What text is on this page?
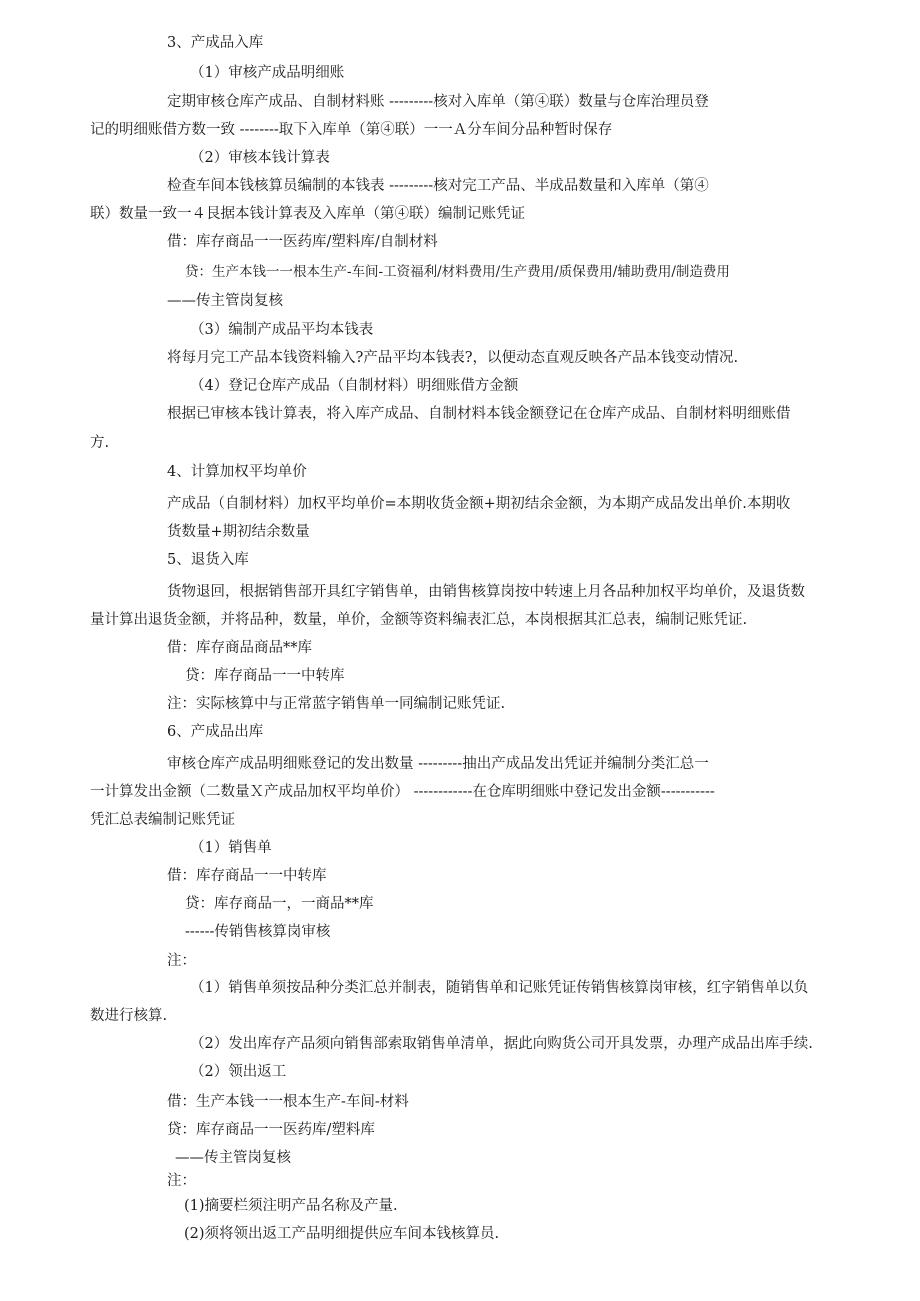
3、产成品入库
（1）审核产成品明细账
定期审核仓库产成品、自制材料账 ---------核对入库单（第④联）数量与仓库治理员登
记的明细账借方数一致 --------取下入库单（第④联）一一Ａ分车间分品种暂时保存
（2）审核本钱计算表
检查车间本钱核算员编制的本钱表 ---------核对完工产品、半成品数量和入库单（第④
联）数量一致一４艮据本钱计算表及入库单（第④联）编制记账凭证
借：库存商品一一医药库/塑料库/自制材料
贷：生产本钱一一根本生产-车间-工资福利/材料费用/生产费用/质保费用/辅助费用/制造费用
——传主管岗复核
（3）编制产成品平均本钱表
将每月完工产品本钱资料输入?产品平均本钱表?，以便动态直观反映各产品本钱变动情况.
（4）登记仓库产成品（自制材料）明细账借方金额
根据已审核本钱计算表，将入库产成品、自制材料本钱金额登记在仓库产成品、自制材料明细账借
方.
4、计算加权平均单价
产成品（自制材料）加权平均单价=本期收货金额+期初结余金额，为本期产成品发出单价.本期收
货数量+期初结余数量
5、退货入库
货物退回，根据销售部开具红字销售单，由销售核算岗按中转速上月各品种加权平均单价，及退货数
量计算出退货金额，并将品种，数量，单价，金额等资料编表汇总，本岗根据其汇总表，编制记账凭证.
借：库存商品商品**库
贷：库存商品一一中转库
注：实际核算中与正常蓝字销售单一同编制记账凭证.
6、产成品出库
审核仓库产成品明细账登记的发出数量 ---------抽出产成品发出凭证并编制分类汇总一
一计算发出金额（二数量Ｘ产成品加权平均单价） ------------在仓库明细账中登记发出金额-----------
凭汇总表编制记账凭证
（1）销售单
借：库存商品一一中转库
贷：库存商品一，一商品**库
------传销售核算岗审核
注：
（1）销售单须按品种分类汇总并制表，随销售单和记账凭证传销售核算岗审核，红字销售单以负
数进行核算.
（2）发出库存产品须向销售部索取销售单清单，据此向购货公司开具发票，办理产成品出库手续.
（2）领出返工
借：生产本钱一一根本生产-车间-材料
贷：库存商品一一医药库/塑料库
——传主管岗复核
注：
(1)摘要栏须注明产品名称及产量.
(2)须将领出返工产品明细提供应车间本钱核算员.
